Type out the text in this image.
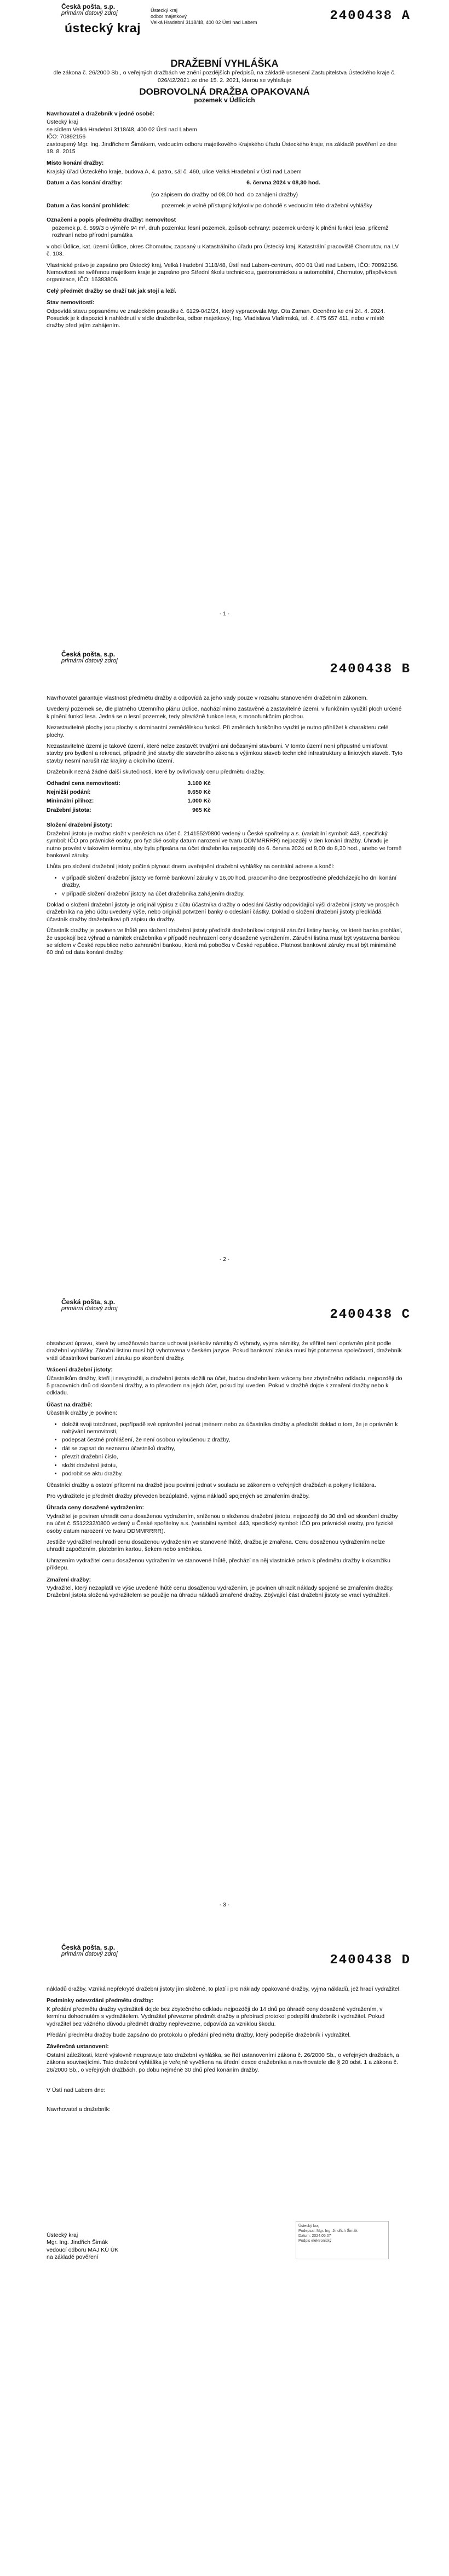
Česká pošta, s.p.
primární datový zdroj
ústecký kraj
Ústecký kraj
odbor majetkový
Velká Hradební 3118/48, 400 02 Ústí nad Labem	2400438 A
DRAŽEBNÍ VYHLÁŠKA

dle zákona č. 26/2000 Sb., o veřejných dražbách ve znění pozdějších předpisů, na základě usnesení Zastupitelstva Ústeckého kraje č. 026/42/2021 ze dne 15. 2. 2021, kterou se vyhlašuje

DOBROVOLNÁ DRAŽBA OPAKOVANÁ
pozemek v Údlicích
Navrhovatel a dražebník v jedné osobě:

Ústecký kraj
se sídlem Velká Hradební 3118/48, 400 02 Ústí nad Labem
IČO: 70892156
zastoupený Mgr. Ing. Jindřichem Šimákem, vedoucím odboru majetkového Krajského úřadu Ústeckého kraje, na základě pověření ze dne 18. 8. 2015

Místo konání dražby:

Krajský úřad Ústeckého kraje, budova A, 4. patro, sál č. 460, ulice Velká Hradební v Ústí nad Labem

Datum a čas konání dražby:	6. června 2024 v 08,30 hod.

(so zápisem do dražby od 08,00 hod. do zahájení dražby)

Datum a čas konání prohlídek:	pozemek je volně přístupný kdykoliv po dohodě s vedoucím této dražební vyhlášky
Označení a popis předmětu dražby: nemovitost

pozemek p. č. 599/3 o výměře 94 m², druh pozemku: lesní pozemek, způsob ochrany: pozemek určený k plnění funkcí lesa, přičemž rozhraní nebo přírodní památka

v obci Údlice, kat. území Údlice, okres Chomutov, zapsaný u Katastrálního úřadu pro Ústecký kraj, Katastrální pracoviště Chomutov, na LV č. 103.

Vlastnické právo je zapsáno pro Ústecký kraj, Velká Hradební 3118/48, Ústí nad Labem-centrum, 400 01 Ústí nad Labem, IČO: 70892156. Nemovitosti se svěřenou majetkem kraje je zapsáno pro Střední školu technickou, gastronomickou a automobilní, Chomutov, příspěvková organizace, IČO: 16383806.

Celý předmět dražby se draží tak jak stojí a leží.

Stav nemovitostí:

Odpovídá stavu popsanému ve znaleckém posudku č. 6129-042/24, který vypracovala Mgr. Ota Zaman. Oceněno ke dni 24. 4. 2024. Posudek je k dispozici k nahlédnutí v sídle dražebníka, odbor majetkový, Ing. Vladislava Vlašimská, tel. č. 475 657 411, nebo v místě dražby před jejím zahájením.

- 1 -
Česká pošta, s.p.
primární datový zdroj
2400438 B

Navrhovatel garantuje vlastnost předmětu dražby a odpovídá za jeho vady pouze v rozsahu stanoveném dražebním zákonem.

Uvedený pozemek se, dle platného Územního plánu Údlice, nachází mimo zastavěné a zastavitelné území, v funkčním využití ploch určené k plnění funkcí lesa. Jedná se o lesní pozemek, tedy převážně funkce lesa, s monofunkčním plochou.

Nezastavitelné plochy jsou plochy s dominantní zemědělskou funkcí. Při změnách funkčního využití je nutno přihlížet k charakteru celé plochy.

Nezastavitelné území je takové území, které nelze zastavět trvalými ani dočasnými stavbami. V tomto území není přípustné umisťovat stavby pro bydlení a rekreaci, případně jiné stavby dle stavebního zákona s výjimkou staveb technické infrastruktury a liniových staveb. Tyto stavby nesmí narušit ráz krajiny a okolního území.

Dražebník nezná žádné další skutečnosti, které by ovlivňovaly cenu předmětu dražby.

Odhadní cena nemovitosti:	3.100 Kč
Nejnižší podání:	9.650 Kč
Minimální příhoz:	1.000 Kč
Dražební jistota:	965 Kč
Složení dražební jistoty:

Dražební jistotu je možno složit v penězích na účet č. 2141552/0800 vedený u České spořitelny a.s. (variabilní symbol: 443, specifický symbol: IČO pro právnické osoby, pro fyzické osoby datum narození ve tvaru DDMMRRRR) nejpozději v den konání dražby. Úhradu je nutno provést v takovém termínu, aby byla připsána na účet dražebníka nejpozději do 6. června 2024 od 8,00 do 8,30 hod., anebo ve formě bankovní záruky.

Lhůta pro složení dražební jistoty počíná plynout dnem uveřejnění dražební vyhlášky na centrální adrese a končí:

• v případě složení dražební jistoty ve formě bankovní záruky v 16,00 hod. pracovního dne bezprostředně předcházejícího dni konání dražby,
• v případě složení dražební jistoty na účet dražebníka zahájením dražby.

Doklad o složení dražební jistoty je originál výpisu z účtu účastníka dražby o odeslání částky odpovídající výši dražební jistoty ve prospěch dražebníka na jeho účtu uvedený výše, nebo originál potvrzení banky o odeslání částky. Doklad o složení dražební jistoty předkládá účastník dražby dražebníkovi při zápisu do dražby.

Účastník dražby je povinen ve lhůtě pro složení dražební jistoty předložit dražebníkovi originál záruční listiny banky, ve které banka prohlásí, že uspokojí bez výhrad a námitek dražebníka v případě neuhrazení ceny dosažené vydražením. Záruční listina musí být vystavena bankou se sídlem v České republice nebo zahraniční bankou, která má pobočku v České republice. Platnost bankovní záruky musí být minimálně 60 dnů od data konání dražby.

- 2 -
Česká pošta, s.p.
primární datový zdroj	2400438 C

obsahovat úpravu, které by umožňovalo bance uchovat jakékoliv námitky či výhrady, vyjma námitky, že věřitel není oprávněn plnit podle dražební vyhlášky. Záruční listinu musí být vyhotovena v českém jazyce. Pokud bankovní záruka musí být potvrzena společností, dražebník vrátí účastníkovi bankovní záruku po skončení dražby.

Vrácení dražební jistoty:

Účastníkům dražby, kteří ji nevydražili, a dražební jistota složili na účet, budou dražebníkem vráceny bez zbytečného odkladu, nejpozději do 5 pracovních dnů od skončení dražby, a to převodem na jejich účet, pokud byl uveden. Pokud v dražbě dojde k zmaření dražby nebo k odkladu.

Účast na dražbě:

Účastník dražby je povinen:

• doložit svoji totožnost, popřípadě své oprávnění jednat jménem nebo za účastníka dražby a předložit doklad o tom, že je oprávněn k nabývání nemovitosti,
• podepsat čestné prohlášení, že není osobou vyloučenou z dražby,
• dát se zapsat do seznamu účastníků dražby,
• převzít dražební číslo,
• složit dražební jistotu,
• podrobit se aktu dražby.

Účastníci dražby a ostatní přítomní na dražbě jsou povinni jednat v souladu se zákonem o veřejných dražbách a pokyny licitátora.

Pro vydražitele je předmět dražby převeden bezúplatně, vyjma nákladů spojených se zmařením dražby.

Úhrada ceny dosažené vydražením:

Vydražitel je povinen uhradit cenu dosaženou vydražením, sníženou o složenou dražební jistotu, nejpozději do 30 dnů od skončení dražby na účet č. 5512232/0800 vedený u České spořitelny a.s. (variabilní symbol: 443, specifický symbol: IČO pro právnické osoby, pro fyzické osoby datum narození ve tvaru DDMMRRRR).

Jestliže vydražitel neuhradí cenu dosaženou vydražením ve stanovené lhůtě, dražba je zmařena. Cenu dosaženou vydražením nelze uhradit započtením, platebním kartou, šekem nebo směnkou.

Uhrazením vydražitel cenu dosaženou vydražením ve stanovené lhůtě, přechází na něj vlastnické právo k předmětu dražby k okamžiku příklepu.

Zmaření dražby:

Vydražitel, který nezaplatil ve výše uvedené lhůtě cenu dosaženou vydražením, je povinen uhradit náklady spojené se zmařením dražby. Dražební jistota složená vydražitelem se použije na úhradu nákladů zmařené dražby. Zbývající část dražební jistoty se vrací vydražiteli.

- 3 -
Česká pošta, s.p.
primární datový zdroj	2400438 D

nákladů dražby. Vzniká nepřekryté dražební jistoty jím složené, to platí i pro náklady opakované dražby, vyjma nákladů, jež hradí vydražitel.

Podmínky odevzdání předmětu dražby:

K předání předmětu dražby vydražiteli dojde bez zbytečného odkladu nejpozději do 14 dnů po úhradě ceny dosažené vydražením, v termínu dohodnutém s vydražitelem. Vydražitel převezme předmět dražby a přebírací protokol podepíší dražebník i vydražitel. Pokud vydražitel bez vážného důvodu předmět dražby nepřevezme, odpovídá za vzniklou škodu.

Předání předmětu dražby bude zapsáno do protokolu o předání předmětu dražby, který podepíše dražebník i vydražitel.

Závěrečná ustanovení:

Ostatní záležitosti, které výslovně neupravuje tato dražební vyhláška, se řídí ustanoveními zákona č. 26/2000 Sb., o veřejných dražbách, a zákona souvisejícími. Tato dražební vyhláška je veřejně vyvěšena na úřední desce dražebníka a navrhovatele dle § 20 odst. 1 a zákona č. 26/2000 Sb., o veřejných dražbách, po dobu nejméně 30 dnů před konáním dražby.

V Ústí nad Labem dne:

Navrhovatel a dražebník:

Ústecký kraj
Mgr. Ing. Jindřich Šimák
vedoucí odboru MAJ KÚ ÚK
na základě pověření
Ústecký kraj
Podepsal: Mgr. Ing. Jindřich Šimák
Datum: 2024.05.07
Podpis elektronický
